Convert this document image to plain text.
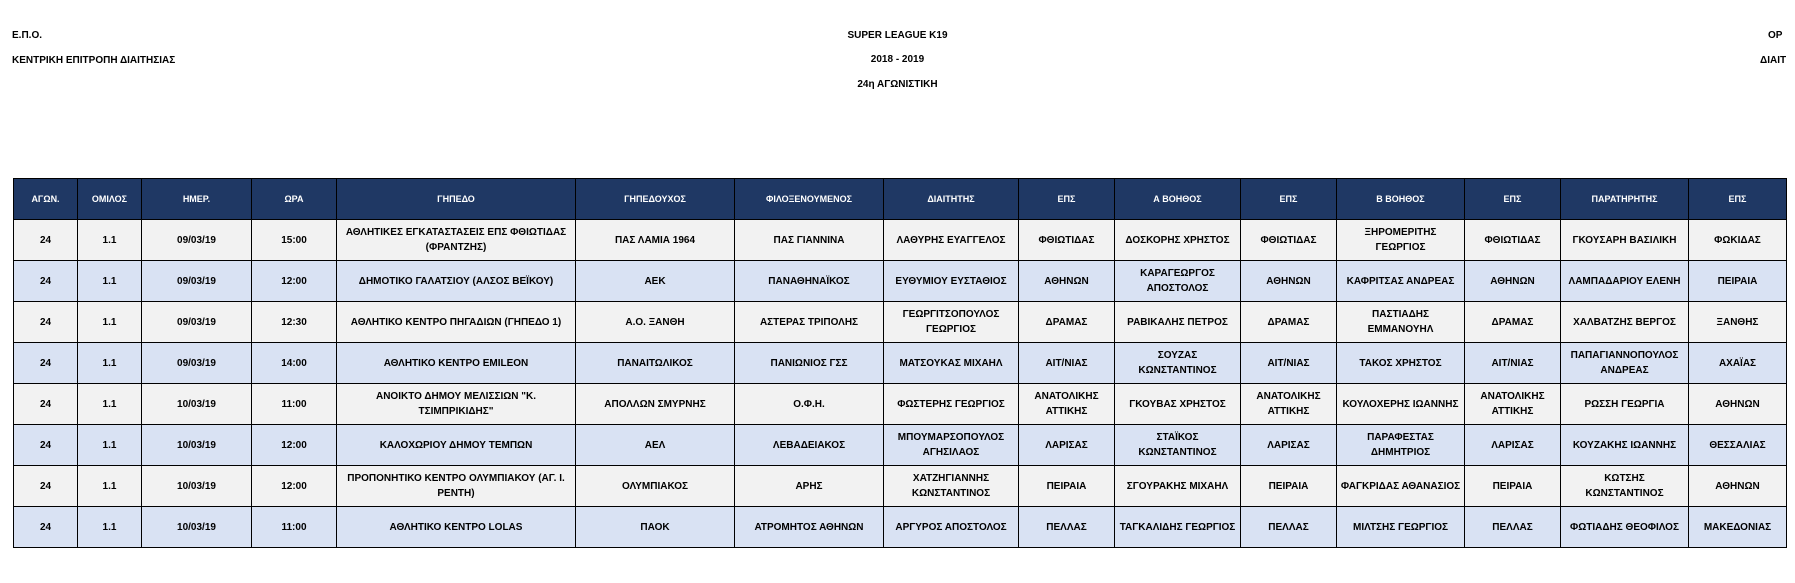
Ε.Π.Ο.
ΚΕΝΤΡΙΚΗ ΕΠΙΤΡΟΠΗ ΔΙΑΙΤΗΣΙΑΣ
SUPER LEAGUE K19
2018 - 2019
24η ΑΓΩΝΙΣΤΙΚΗ
ΟΡ
ΔΙΑΙΤ
ΑΓΩΝ.	ΟΜΙΛΟΣ	ΗΜΕΡ.	ΩΡΑ	ΓΗΠΕΔΟ	ΓΗΠΕΔΟΥΧΟΣ	ΦΙΛΟΞΕΝΟΥΜΕΝΟΣ	ΔΙΑΙΤΗΤΗΣ	ΕΠΣ	Α ΒΟΗΘΟΣ	ΕΠΣ	Β ΒΟΗΘΟΣ	ΕΠΣ	ΠΑΡΑΤΗΡΗΤΗΣ	ΕΠΣ
24	1.1	09/03/19	15:00	ΑΘΛΗΤΙΚΕΣ ΕΓΚΑΤΑΣΤΑΣΕΙΣ ΕΠΣ ΦΘΙΩΤΙΔΑΣ (ΦΡΑΝΤΖΗΣ)	ΠΑΣ ΛΑΜΙΑ 1964	ΠΑΣ ΓΙΑΝΝΙΝΑ	ΛΑΘΥΡΗΣ ΕΥΑΓΓΕΛΟΣ	ΦΘΙΩΤΙΔΑΣ	ΔΟΣΚΟΡΗΣ ΧΡΗΣΤΟΣ	ΦΘΙΩΤΙΔΑΣ	ΞΗΡΟΜΕΡΙΤΗΣ ΓΕΩΡΓΙΟΣ	ΦΘΙΩΤΙΔΑΣ	ΓΚΟΥΣΑΡΗ ΒΑΣΙΛΙΚΗ	ΦΩΚΙΔΑΣ
24	1.1	09/03/19	12:00	ΔΗΜΟΤΙΚΟ ΓΑΛΑΤΣΙΟΥ (ΑΛΣΟΣ ΒΕΪΚΟΥ)	ΑΕΚ	ΠΑΝΑΘΗΝΑΪΚΟΣ	ΕΥΘΥΜΙΟΥ ΕΥΣΤΑΘΙΟΣ	ΑΘΗΝΩΝ	ΚΑΡΑΓΕΩΡΓΟΣ ΑΠΟΣΤΟΛΟΣ	ΑΘΗΝΩΝ	ΚΑΦΡΙΤΣΑΣ ΑΝΔΡΕΑΣ	ΑΘΗΝΩΝ	ΛΑΜΠΑΔΑΡΙΟΥ ΕΛΕΝΗ	ΠΕΙΡΑΙΑ
24	1.1	09/03/19	12:30	ΑΘΛΗΤΙΚΟ ΚΕΝΤΡΟ ΠΗΓΑΔΙΩΝ (ΓΗΠΕΔΟ 1)	Α.Ο. ΞΑΝΘΗ	ΑΣΤΕΡΑΣ ΤΡΙΠΟΛΗΣ	ΓΕΩΡΓΙΤΣΟΠΟΥΛΟΣ ΓΕΩΡΓΙΟΣ	ΔΡΑΜΑΣ	ΡΑΒΙΚΑΛΗΣ ΠΕΤΡΟΣ	ΔΡΑΜΑΣ	ΠΑΣΤΙΑΔΗΣ ΕΜΜΑΝΟΥΗΛ	ΔΡΑΜΑΣ	ΧΑΛΒΑΤΖΗΣ ΒΕΡΓΟΣ	ΞΑΝΘΗΣ
24	1.1	09/03/19	14:00	ΑΘΛΗΤΙΚΟ ΚΕΝΤΡΟ EMILEON	ΠΑΝΑΙΤΩΛΙΚΟΣ	ΠΑΝΙΩΝΙΟΣ ΓΣΣ	ΜΑΤΣΟΥΚΑΣ ΜΙΧΑΗΛ	ΑΙΤ/ΝΙΑΣ	ΣΟΥΖΑΣ ΚΩΝΣΤΑΝΤΙΝΟΣ	ΑΙΤ/ΝΙΑΣ	ΤΑΚΟΣ ΧΡΗΣΤΟΣ	ΑΙΤ/ΝΙΑΣ	ΠΑΠΑΓΙΑΝΝΟΠΟΥΛΟΣ ΑΝΔΡΕΑΣ	ΑΧΑΪΑΣ
24	1.1	10/03/19	11:00	ΑΝΟΙΚΤΟ ΔΗΜΟΥ ΜΕΛΙΣΣΙΩΝ "Κ. ΤΣΙΜΠΡΙΚΙΔΗΣ"	ΑΠΟΛΛΩΝ ΣΜΥΡΝΗΣ	Ο.Φ.Η.	ΦΩΣΤΕΡΗΣ ΓΕΩΡΓΙΟΣ	ΑΝΑΤΟΛΙΚΗΣ ΑΤΤΙΚΗΣ	ΓΚΟΥΒΑΣ ΧΡΗΣΤΟΣ	ΑΝΑΤΟΛΙΚΗΣ ΑΤΤΙΚΗΣ	ΚΟΥΛΟΧΕΡΗΣ ΙΩΑΝΝΗΣ	ΑΝΑΤΟΛΙΚΗΣ ΑΤΤΙΚΗΣ	ΡΩΣΣΗ ΓΕΩΡΓΙΑ	ΑΘΗΝΩΝ
24	1.1	10/03/19	12:00	ΚΑΛΟΧΩΡΙΟΥ ΔΗΜΟΥ ΤΕΜΠΩΝ	ΑΕΛ	ΛΕΒΑΔΕΙΑΚΟΣ	ΜΠΟΥΜΑΡΣΟΠΟΥΛΟΣ ΑΓΗΣΙΛΑΟΣ	ΛΑΡΙΣΑΣ	ΣΤΑΪΚΟΣ ΚΩΝΣΤΑΝΤΙΝΟΣ	ΛΑΡΙΣΑΣ	ΠΑΡΑΦΕΣΤΑΣ ΔΗΜΗΤΡΙΟΣ	ΛΑΡΙΣΑΣ	ΚΟΥΖΑΚΗΣ ΙΩΑΝΝΗΣ	ΘΕΣΣΑΛΙΑΣ
24	1.1	10/03/19	12:00	ΠΡΟΠΟΝΗΤΙΚΟ ΚΕΝΤΡΟ ΟΛΥΜΠΙΑΚΟΥ (ΑΓ. Ι. ΡΕΝΤΗ)	ΟΛΥΜΠΙΑΚΟΣ	ΑΡΗΣ	ΧΑΤΖΗΓΙΑΝΝΗΣ ΚΩΝΣΤΑΝΤΙΝΟΣ	ΠΕΙΡΑΙΑ	ΣΓΟΥΡΑΚΗΣ ΜΙΧΑΗΛ	ΠΕΙΡΑΙΑ	ΦΑΓΚΡΙΔΑΣ ΑΘΑΝΑΣΙΟΣ	ΠΕΙΡΑΙΑ	ΚΩΤΣΗΣ ΚΩΝΣΤΑΝΤΙΝΟΣ	ΑΘΗΝΩΝ
24	1.1	10/03/19	11:00	ΑΘΛΗΤΙΚΟ ΚΕΝΤΡΟ LOLAS	ΠΑΟΚ	ΑΤΡΟΜΗΤΟΣ ΑΘΗΝΩΝ	ΑΡΓΥΡΟΣ ΑΠΟΣΤΟΛΟΣ	ΠΕΛΛΑΣ	ΤΑΓΚΑΛΙΔΗΣ ΓΕΩΡΓΙΟΣ	ΠΕΛΛΑΣ	ΜΙΛΤΣΗΣ ΓΕΩΡΓΙΟΣ	ΠΕΛΛΑΣ	ΦΩΤΙΑΔΗΣ ΘΕΟΦΙΛΟΣ	ΜΑΚΕΔΟΝΙΑΣ
